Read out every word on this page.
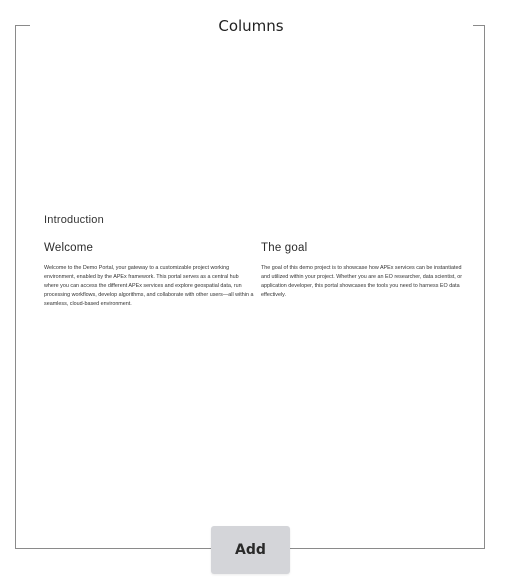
Columns
Introduction
Welcome

Welcome to the Demo Portal, your gateway to a customizable project working environment, enabled by the APEx framework. This portal serves as a central hub where you can access the different APEx services and explore geospatial data, run processing workflows, develop algorithms, and collaborate with other users—all within a seamless, cloud-based environment.

The goal

The goal of this demo project is to showcase how APEx services can be instantiated and utilized within your project. Whether you are an EO researcher, data scientist, or application developer, this portal showcases the tools you need to harness EO data effectively.

Add
